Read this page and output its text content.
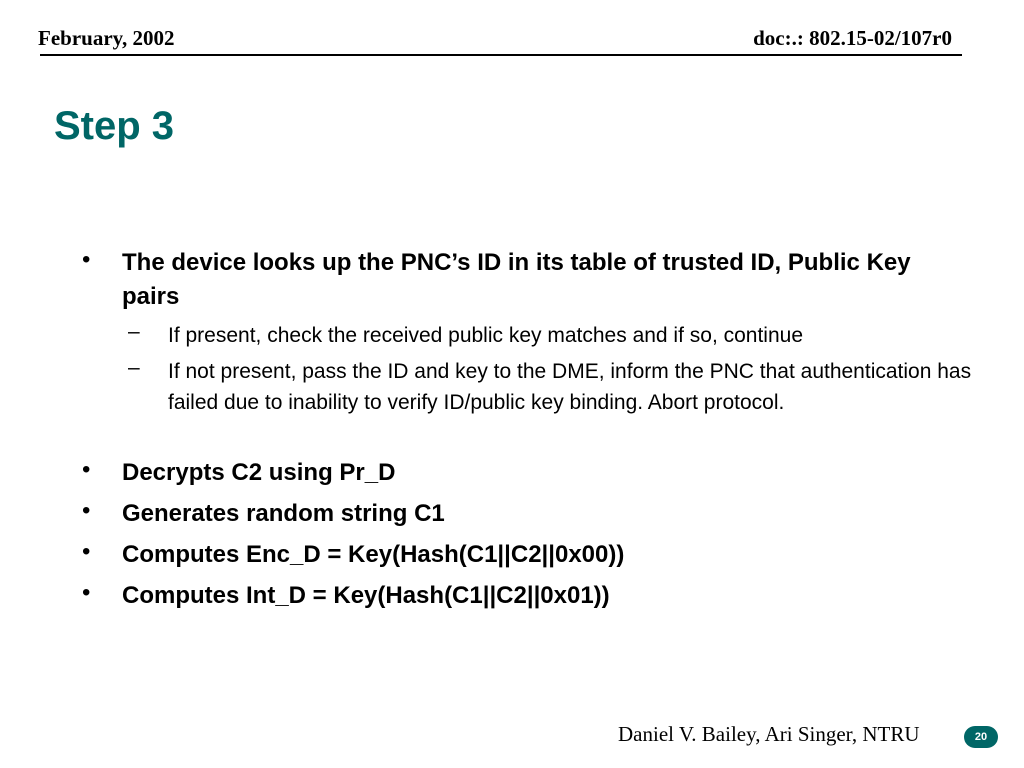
February, 2002	doc:.: 802.15-02/107r0
Step 3
• The device looks up the PNC’s ID in its table of trusted ID, Public Key pairs
– If present, check the received public key matches and if so, continue
– If not present, pass the ID and key to the DME, inform the PNC that authentication has failed due to inability to verify ID/public key binding. Abort protocol.
• Decrypts C2 using Pr_D
• Generates random string C1
• Computes Enc_D = Key(Hash(C1||C2||0x00))
• Computes Int_D = Key(Hash(C1||C2||0x01))
Daniel V. Bailey, Ari Singer, NTRU	20
